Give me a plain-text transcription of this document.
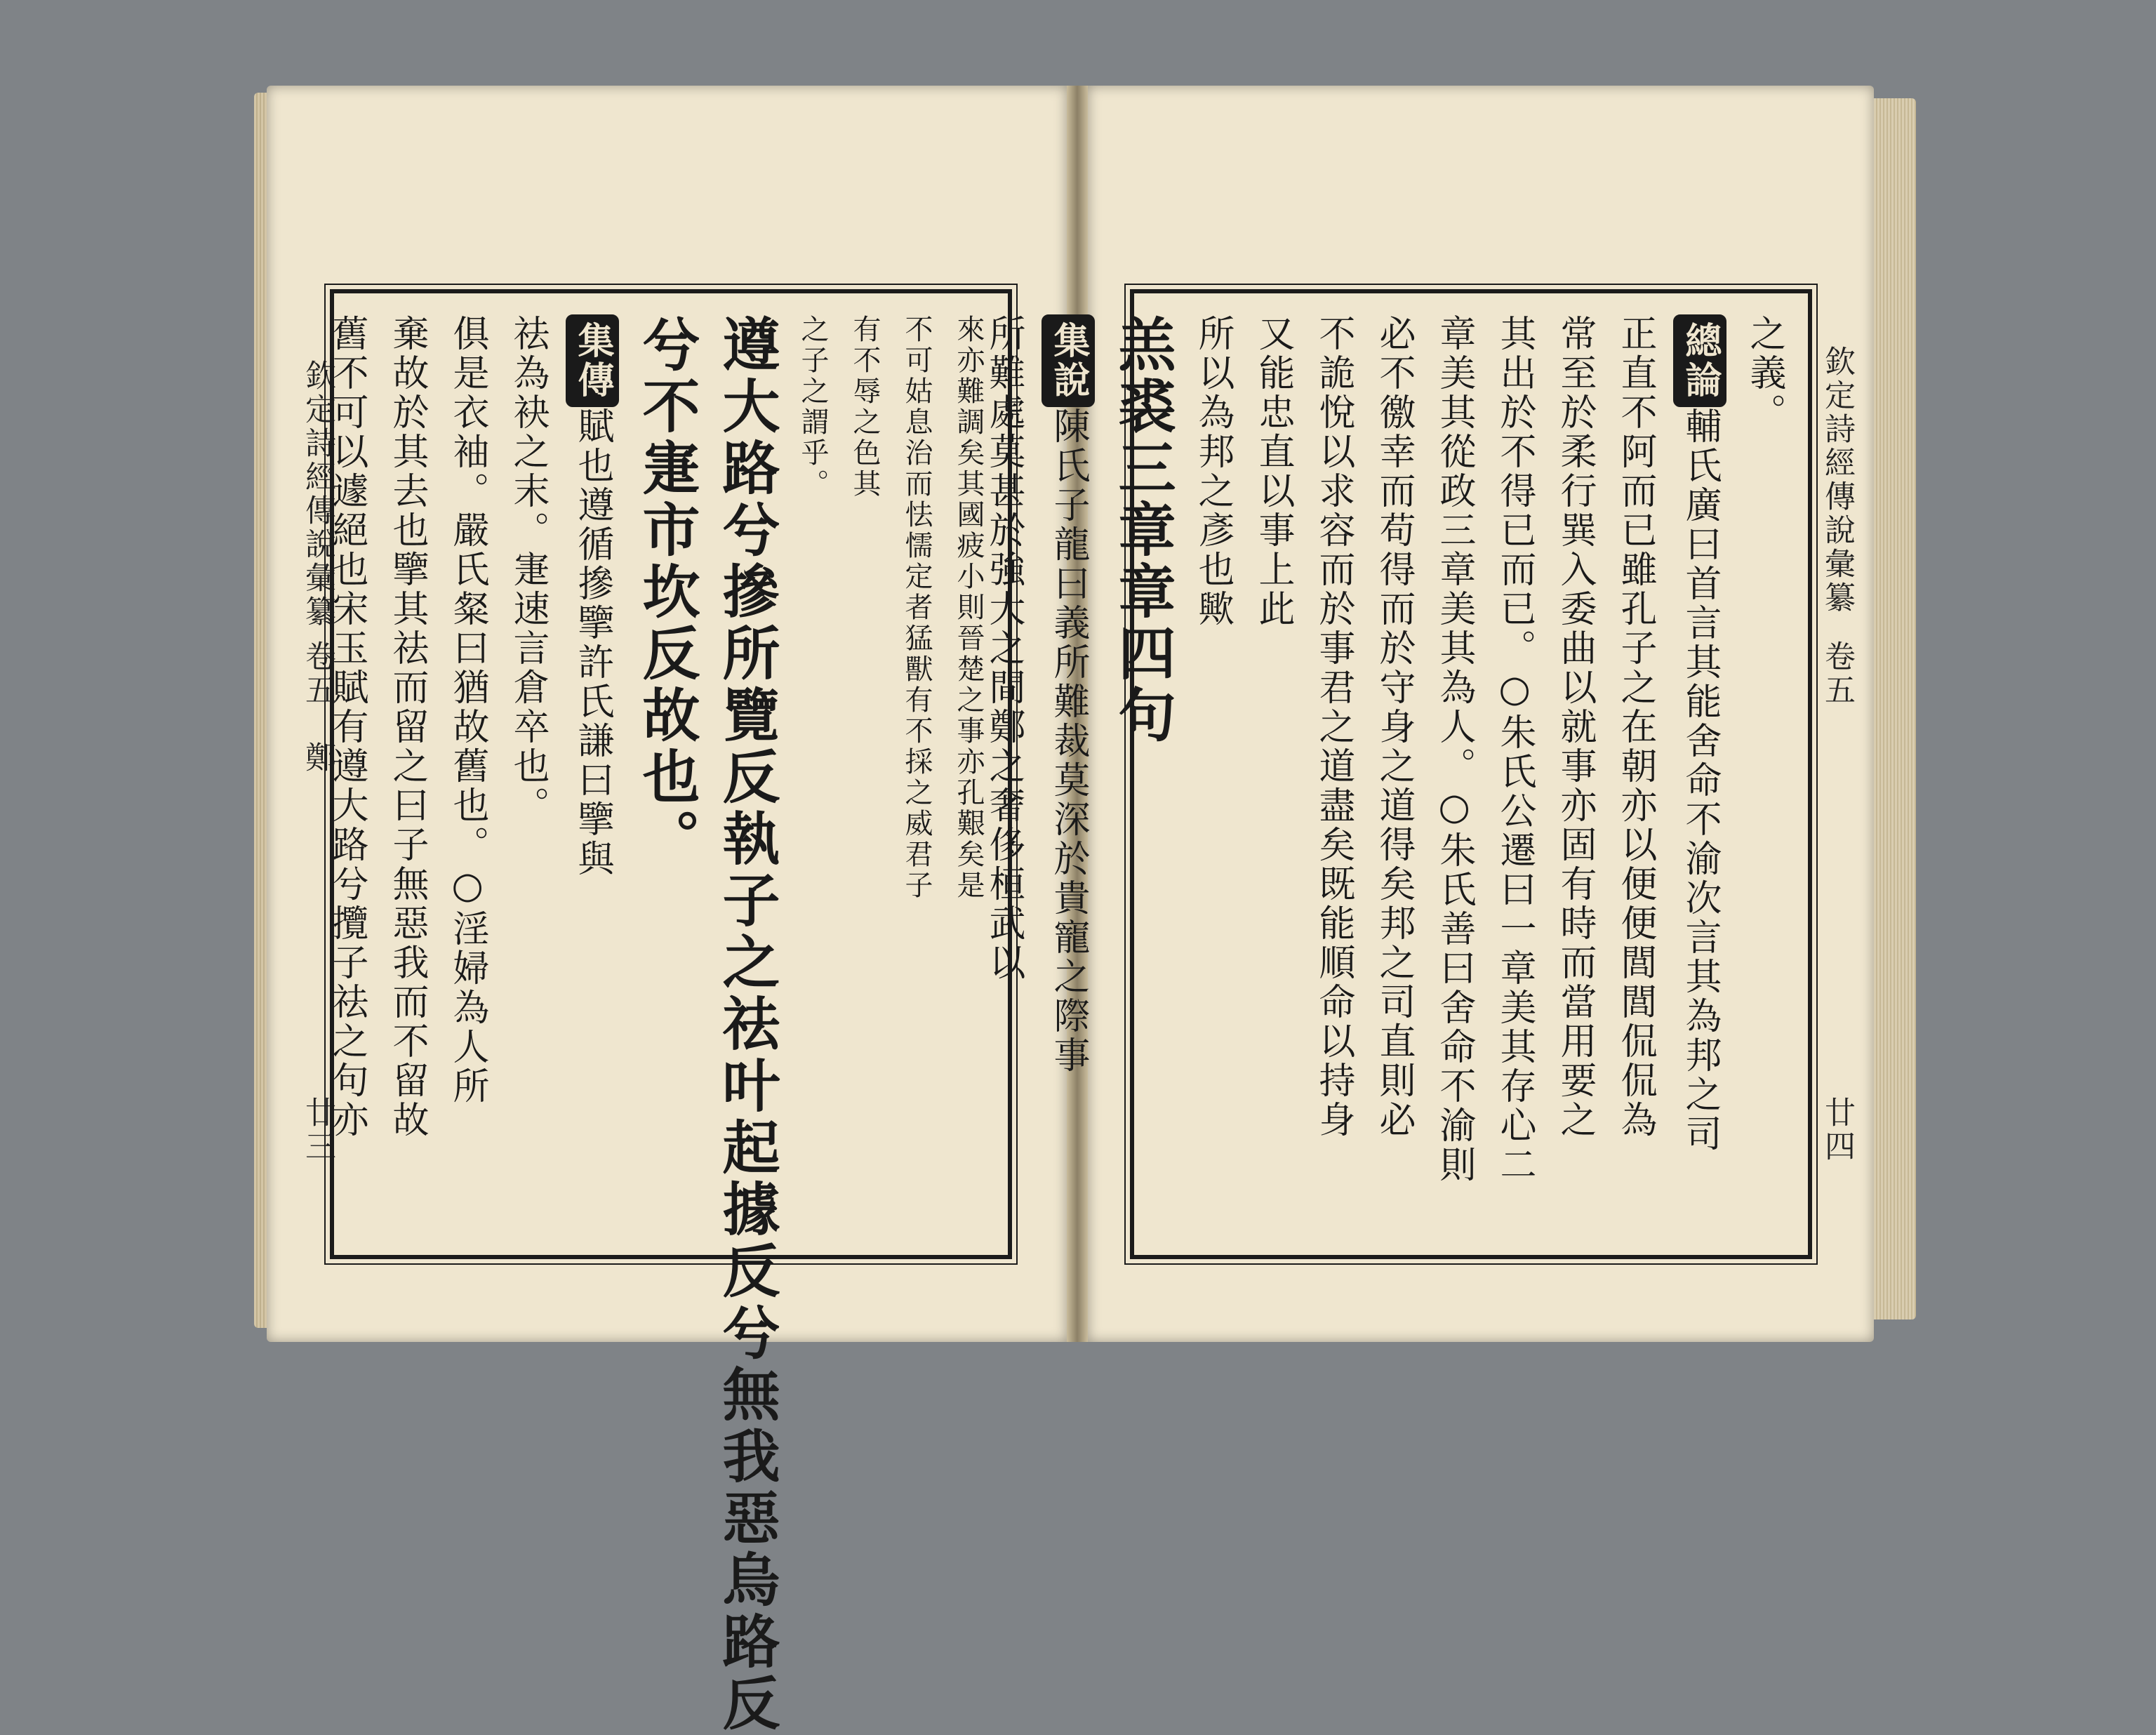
欽定詩經傳說彙纂
卷五　鄭
廿三
來亦難調矣其國疲小則晉楚之事亦孔艱矣是
不可姑息治而怯懦定者猛獸有不採之威君子
有不辱之色其
之子之謂乎。
遵大路兮摻所覽反執子之祛叶起據反兮無我惡烏路反
兮不寁市坎反故也。
集傳賦也遵循摻擥許氏謙曰擥與
祛為袂之末。寁速言倉卒也。
俱是衣袖。嚴氏粲曰猶故舊也。○淫婦為人所
棄故於其去也擥其祛而留之曰子無惡我而不留故
舊不可以遽絕也宋玉賦有遵大路兮攬子祛之句亦	欽定詩經傳說彙纂
卷五
廿四
之義。
總論輔氏廣曰首言其能舍命不渝次言其為邦之司
正直不阿而已雖孔子之在朝亦以便便閭閭侃侃為
常至於柔行巽入委曲以就事亦固有時而當用要之
其出於不得已而已。○朱氏公遷曰一章美其存心二
章美其從政三章美其為人。○朱氏善曰舍命不渝則
必不徼幸而苟得而於守身之道得矣邦之司直則必
不詭悅以求容而於事君之道盡矣既能順命以持身
又能忠直以事上此
所以為邦之彥也歟
羔裘三章章四句
集說陳氏子龍曰義所難裁莫深於貴寵之際事
所難處莫甚於強大之間鄭之奢侈桓武以
